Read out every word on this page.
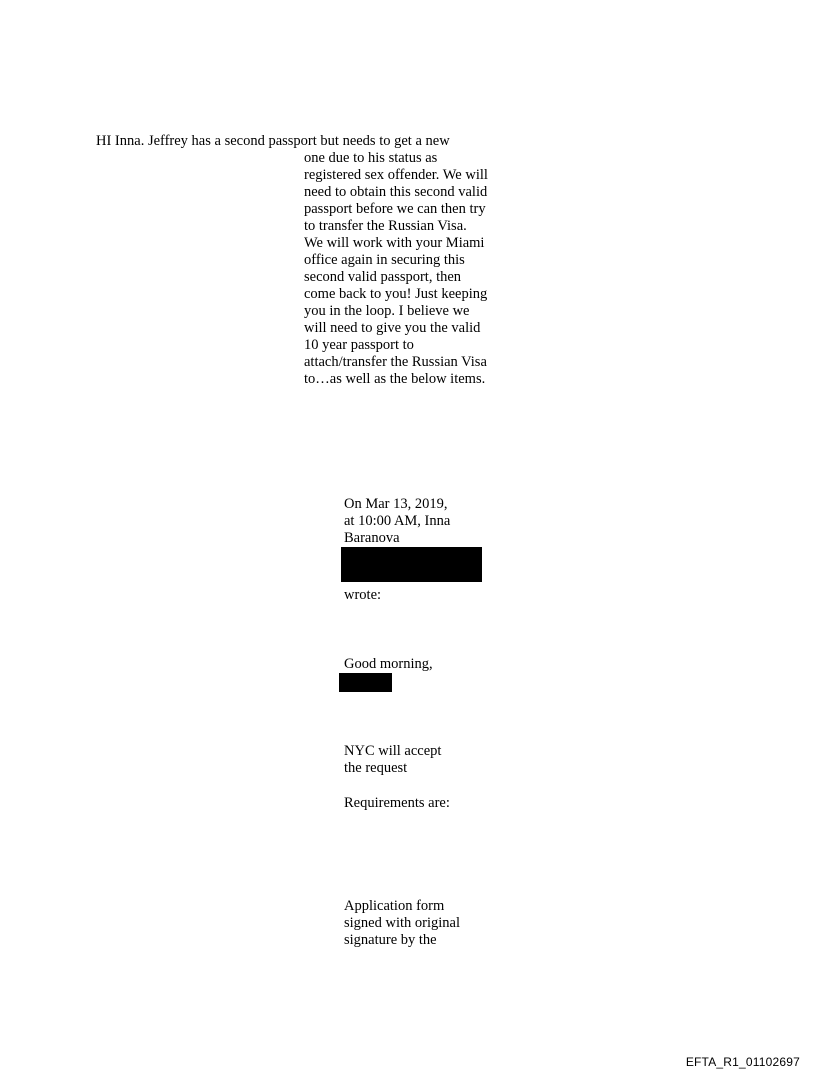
HI Inna. Jeffrey has a second passport but needs to get a new
one due to his status as
registered sex offender. We will
need to obtain this second valid
passport before we can then try
to transfer the Russian Visa.
We will work with your Miami
office again in securing this
second valid passport, then
come back to you! Just keeping
you in the loop. I believe we
will need to give you the valid
10 year passport to
attach/transfer the Russian Visa
to…as well as the below items.
On Mar 13, 2019,
at 10:00 AM, Inna
Baranova
wrote:
Good morning,
NYC will accept
the request
Requirements are:
Application form
signed with original
signature by the
EFTA_R1_01102697
